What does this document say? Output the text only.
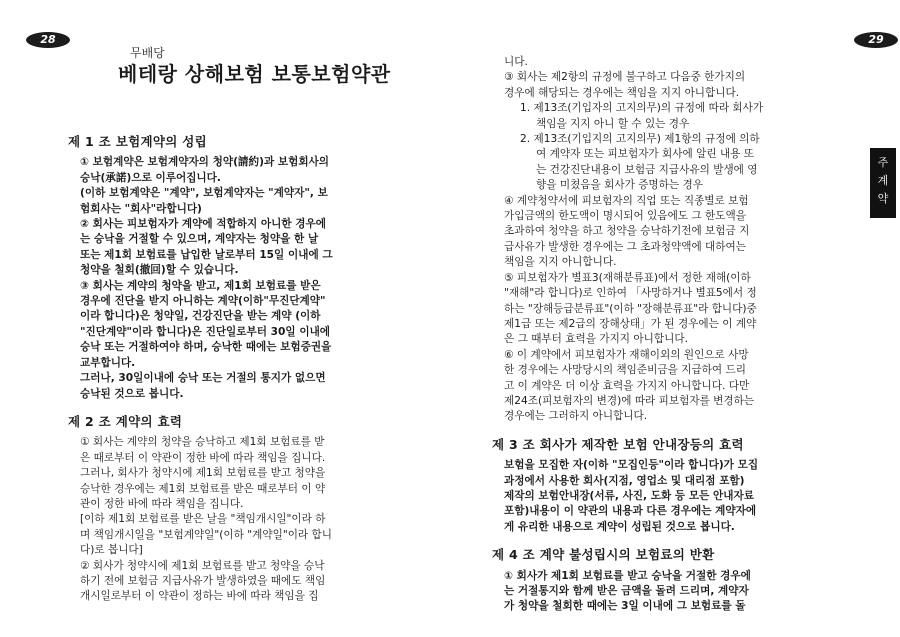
28
무배당
베테랑 상해보험 보통보험약관
제 1 조 보험계약의 성립

① 보험계약은 보험계약자의 청약(請約)과 보험회사의

승낙(承諾)으로 이루어집니다.

(이하 보험계약은 "계약", 보험계약자는 "계약자", 보

험회사는 "회사"라합니다)

② 회사는 피보험자가 계약에 적합하지 아니한 경우에

는 승낙을 거절할 수 있으며, 계약자는 청약을 한 날

또는 제1회 보험료를 납입한 날로부터 15일 이내에 그

청약을 철회(撤回)할 수 있습니다.

③ 회사는 계약의 청약을 받고, 제1회 보험료를 받은

경우에 진단을 받지 아니하는 계약(이하"무진단계약"

이라 합니다)은 청약일, 건강진단을 받는 계약 (이하

"진단계약"이라 합니다)은 진단일로부터 30일 이내에

승낙 또는 거절하여야 하며, 승낙한 때에는 보험증권을

교부합니다.

그러나, 30일이내에 승낙 또는 거절의 통지가 없으면

승낙된 것으로 봅니다.

제 2 조 계약의 효력

① 회사는 계약의 청약을 승낙하고 제1회 보험료를 받

은 때로부터 이 약관이 정한 바에 따라 책임을 집니다.

그러나, 회사가 청약시에 제1회 보험료를 받고 청약을

승낙한 경우에는 제1회 보험료를 받은 때로부터 이 약

관이 정한 바에 따라 책임을 집니다.

[이하 제1회 보험료를 받은 날을 "책임개시일"이라 하

며 책임개시일을 "보험계약일"(이하 "계약일"이라 합니

다)로 봅니다]

② 회사가 청약시에 제1회 보험료를 받고 청약을 승낙

하기 전에 보험금 지급사유가 발생하였을 때에도 책임

개시일로부터 이 약관이 정하는 바에 따라 책임을 집

29
주
계
약

니다.

③ 회사는 제2항의 규정에 불구하고 다음중 한가지의

경우에 해당되는 경우에는 책임을 지지 아니합니다.

1. 제13조(기입자의 고지의무)의 규정에 따라 회사가

책임을 지지 아니 할 수 있는 경우

2. 제13조(기입지의 고지의무) 제1항의 규정에 의하

여 계약자 또는 피보험자가 회사에 알린 내용 또

는 건강진단내용이 보험금 지급사유의 발생에 영

향을 미쳤음을 회사가 증명하는 경우

④ 계약청약서에 피보험자의 직업 또는 직종별로 보험

가입금액의 한도액이 명시되어 있음에도 그 한도액을

초과하여 청약을 하고 청약을 승낙하기전에 보험금 지

급사유가 발생한 경우에는 그 초과청약액에 대하여는

책임을 지지 아니합니다.

⑤ 피보험자가 별표3(재해분류표)에서 정한 재해(이하

"재해"라 합니다)로 인하여 「사망하거나 별표5에서 정

하는 "장해등급분류표"(이하 "장해분류표"라 합니다)중

제1급 또는 제2급의 장해상태」가 된 경우에는 이 계약

은 그 때부터 효력을 가지지 아니합니다.

⑥ 이 계약에서 피보험자가 재해이외의 원인으로 사망

한 경우에는 사망당시의 책임준비금을 지급하여 드리

고 이 계약은 더 이상 효력을 가지지 아니합니다. 다만

제24조(피보험자의 변경)에 따라 피보험자를 변경하는

경우에는 그러하지 아니합니다.

제 3 조 회사가 제작한 보험 안내장등의 효력

보험을 모집한 자(이하 "모집인등"이라 합니다)가 모집

과정에서 사용한 회사(지점, 영업소 및 대리점 포함)

제작의 보험안내장(서류, 사진, 도화 등 모든 안내자료

포함)내용이 이 약관의 내용과 다른 경우에는 계약자에

게 유리한 내용으로 계약이 성립된 것으로 봅니다.

제 4 조 계약 불성립시의 보험료의 반환

① 회사가 제1회 보험료를 받고 승낙을 거절한 경우에

는 거절통지와 함께 받은 금액을 돌려 드리며, 계약자

가 청약을 철회한 때에는 3일 이내에 그 보험료를 돌
